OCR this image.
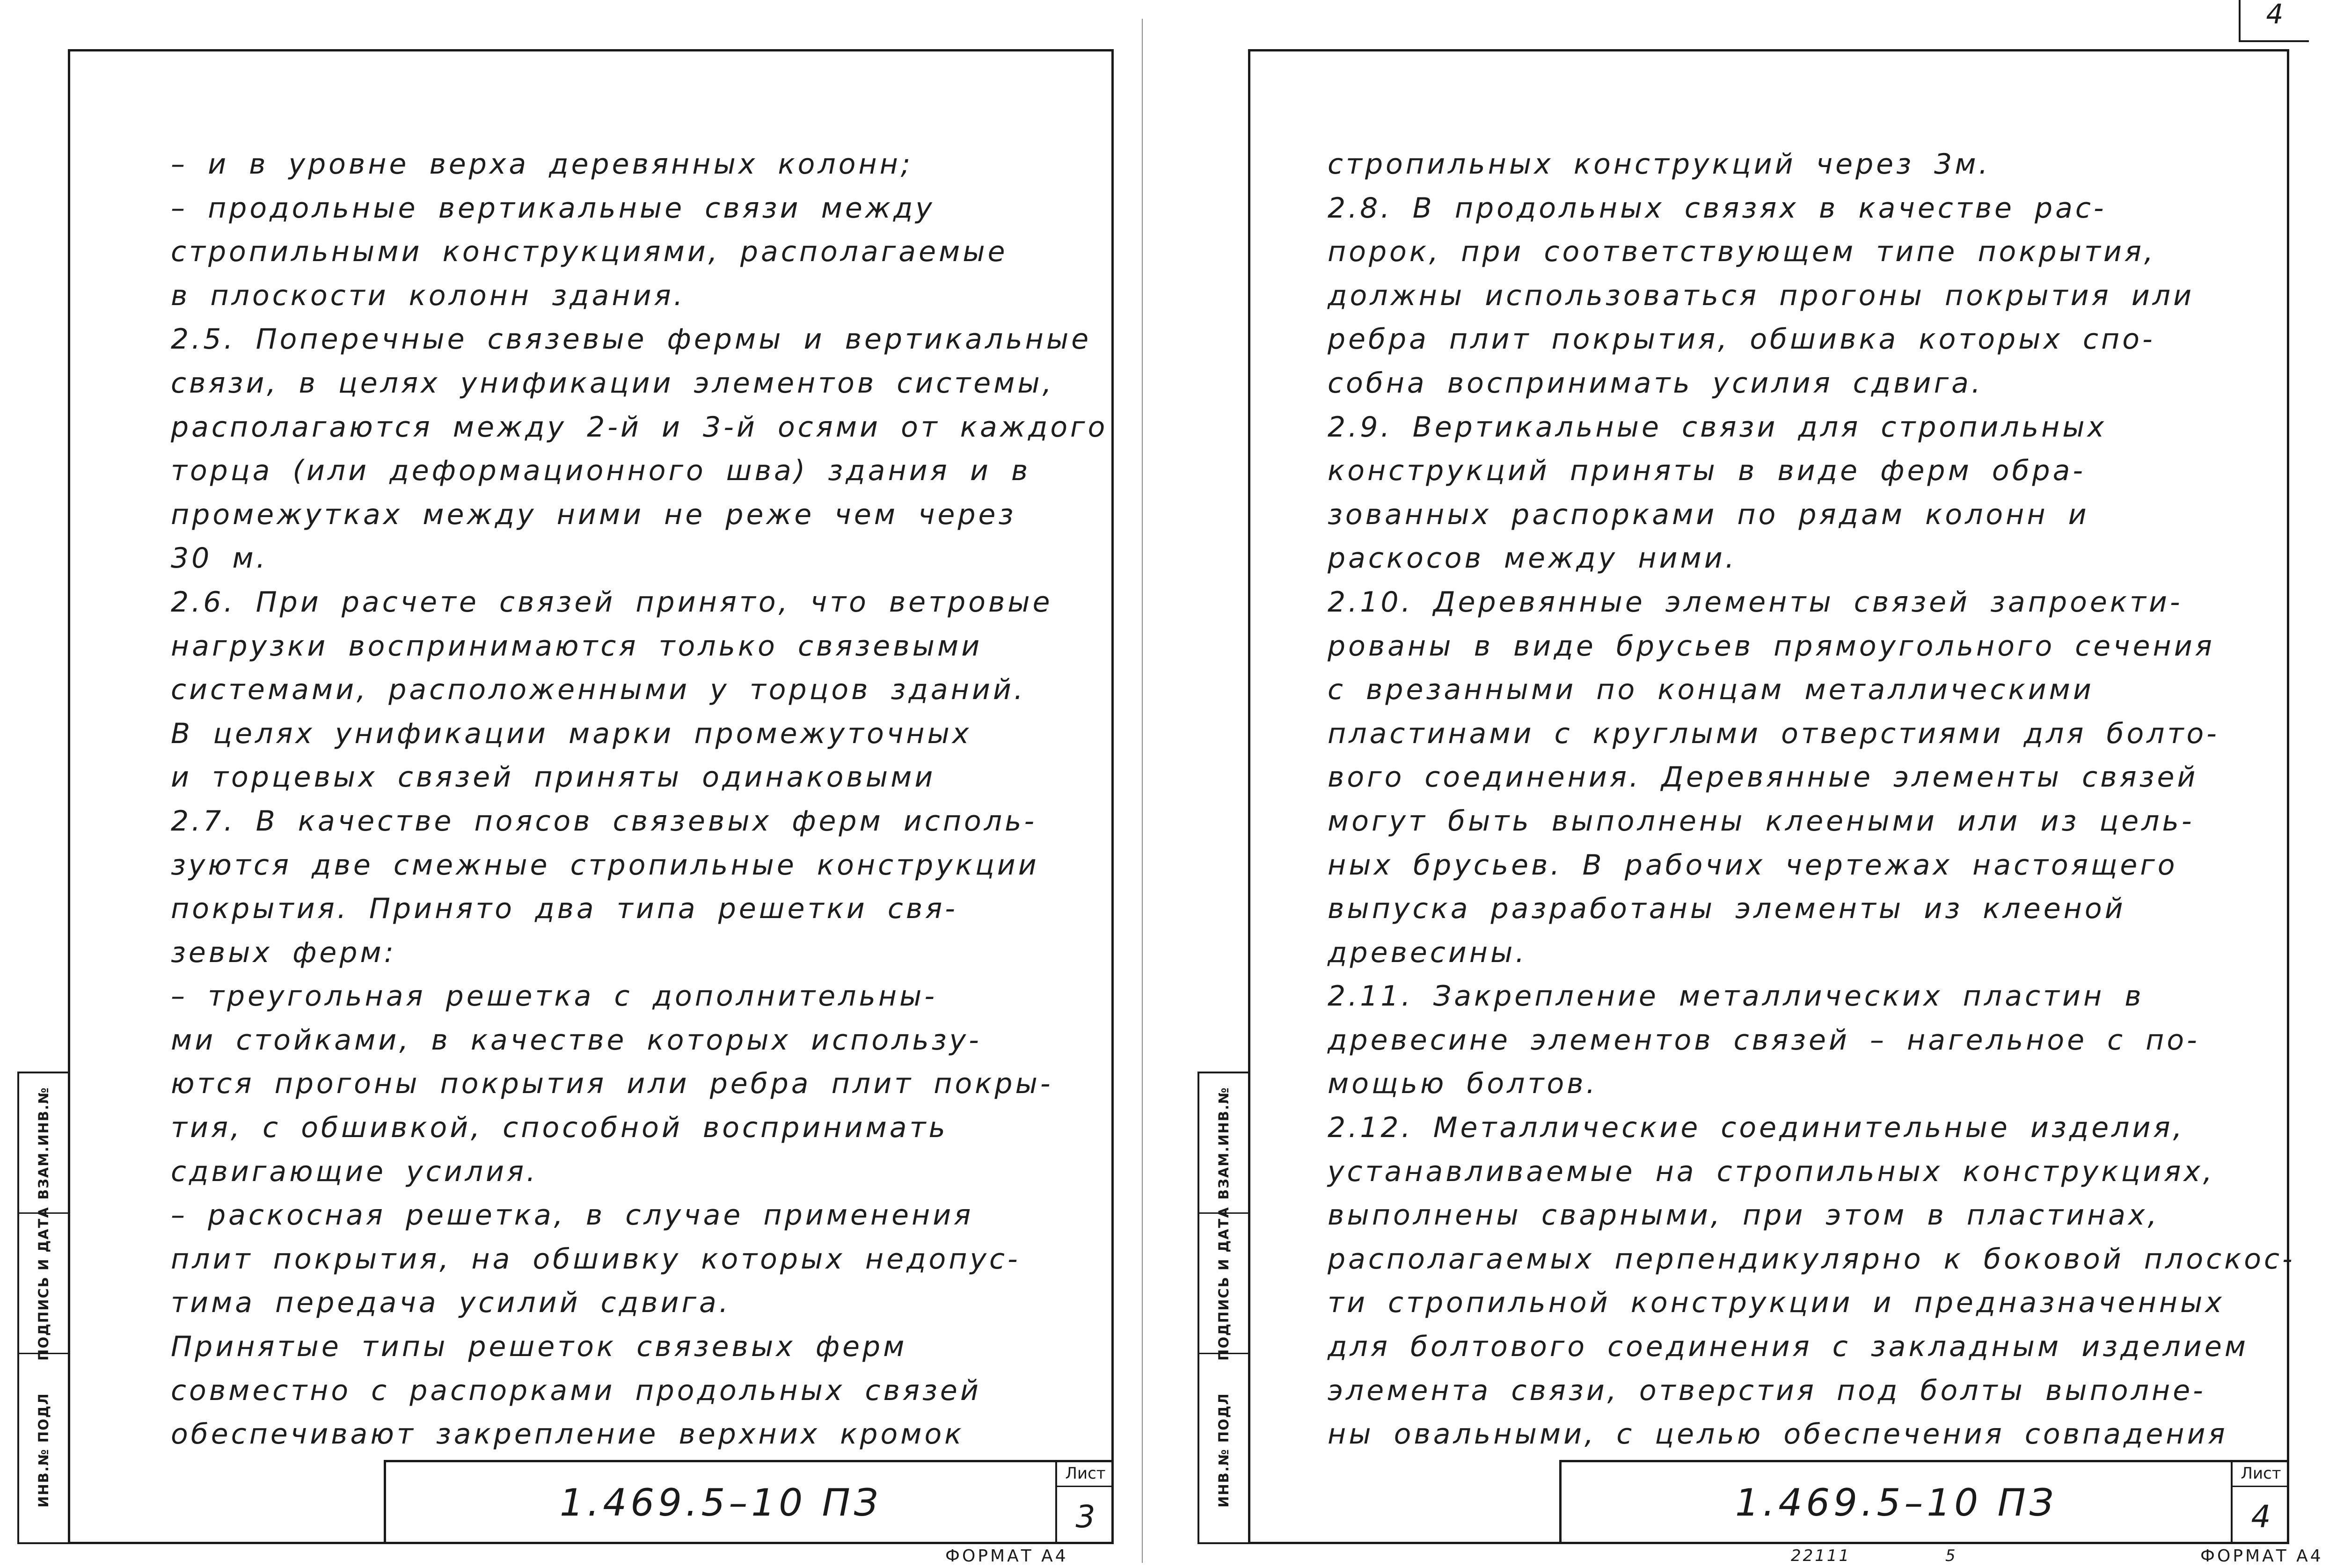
– и в уровне верха деревянных колонн;
– продольные вертикальные связи между
стропильными конструкциями, располагаемые
в плоскости колонн здания.
2.5. Поперечные связевые фермы и вертикальные
связи, в целях унификации элементов системы,
располагаются между 2-й и 3-й осями от каждого
торца (или деформационного шва) здания и в
промежутках между ними не реже чем через
30 м.
2.6. При расчете связей принято, что ветровые
нагрузки воспринимаются только связевыми
системами, расположенными у торцов зданий.
В целях унификации марки промежуточных
и торцевых связей приняты одинаковыми
2.7. В качестве поясов связевых ферм исполь-
зуются две смежные стропильные конструкции
покрытия. Принято два типа решетки свя-
зевых ферм:
– треугольная решетка с дополнительны-
ми стойками, в качестве которых использу-
ются прогоны покрытия или ребра плит покры-
тия, с обшивкой, способной воспринимать
сдвигающие усилия.
– раскосная решетка, в случае применения
плит покрытия, на обшивку которых недопус-
тима передача усилий сдвига.
Принятые типы решеток связевых ферм
совместно с распорками продольных связей
обеспечивают закрепление верхних кромок
ВЗАМ.ИНВ.№
ПОДПИСЬ И ДАТА
ИНВ.№ ПОДЛ	1.469.5–10 ПЗ
Лист
3
ФОРМАТ А4
4
стропильных конструкций через 3м.
2.8. В продольных связях в качестве рас-
порок, при соответствующем типе покрытия,
должны использоваться прогоны покрытия или
ребра плит покрытия, обшивка которых спо-
собна воспринимать усилия сдвига.
2.9. Вертикальные связи для стропильных
конструкций приняты в виде ферм обра-
зованных распорками по рядам колонн и
раскосов между ними.
2.10. Деревянные элементы связей запроекти-
рованы в виде брусьев прямоугольного сечения
с врезанными по концам металлическими
пластинами с круглыми отверстиями для болто-
вого соединения. Деревянные элементы связей
могут быть выполнены клееными или из цель-
ных брусьев. В рабочих чертежах настоящего
выпуска разработаны элементы из клееной
древесины.
2.11. Закрепление металлических пластин в
древесине элементов связей – нагельное с по-
мощью болтов.
2.12. Металлические соединительные изделия,
устанавливаемые на стропильных конструкциях,
выполнены сварными, при этом в пластинах,
располагаемых перпендикулярно к боковой плоскос-
ти стропильной конструкции и предназначенных
для болтового соединения с закладным изделием
элемента связи, отверстия под болты выполне-
ны овальными, с целью обеспечения совпадения
ВЗАМ.ИНВ.№
ПОДПИСЬ И ДАТА
ИНВ.№ ПОДЛ	1.469.5–10 ПЗ
Лист
4
22111	5	ФОРМАТ А4
